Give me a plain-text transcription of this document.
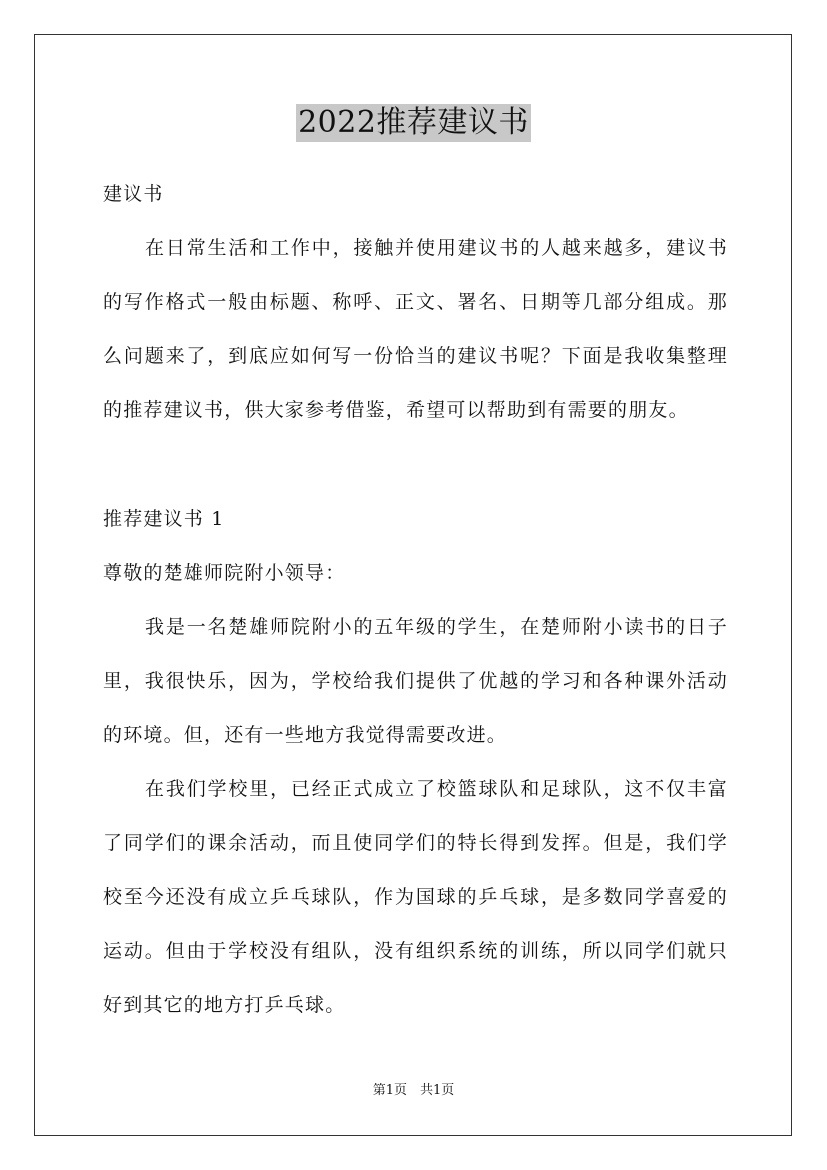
2022推荐建议书
建议书
在日常生活和工作中，接触并使用建议书的人越来越多，建议书
的写作格式一般由标题、称呼、正文、署名、日期等几部分组成。那
么问题来了，到底应如何写一份恰当的建议书呢？下面是我收集整理
的推荐建议书，供大家参考借鉴，希望可以帮助到有需要的朋友。
推荐建议书 1
尊敬的楚雄师院附小领导：
我是一名楚雄师院附小的五年级的学生，在楚师附小读书的日子
里，我很快乐，因为，学校给我们提供了优越的学习和各种课外活动
的环境。但，还有一些地方我觉得需要改进。
在我们学校里，已经正式成立了校篮球队和足球队，这不仅丰富
了同学们的课余活动，而且使同学们的特长得到发挥。但是，我们学
校至今还没有成立乒乓球队，作为国球的乒乓球，是多数同学喜爱的
运动。但由于学校没有组队，没有组织系统的训练，所以同学们就只
好到其它的地方打乒乓球。
第1页　共1页
